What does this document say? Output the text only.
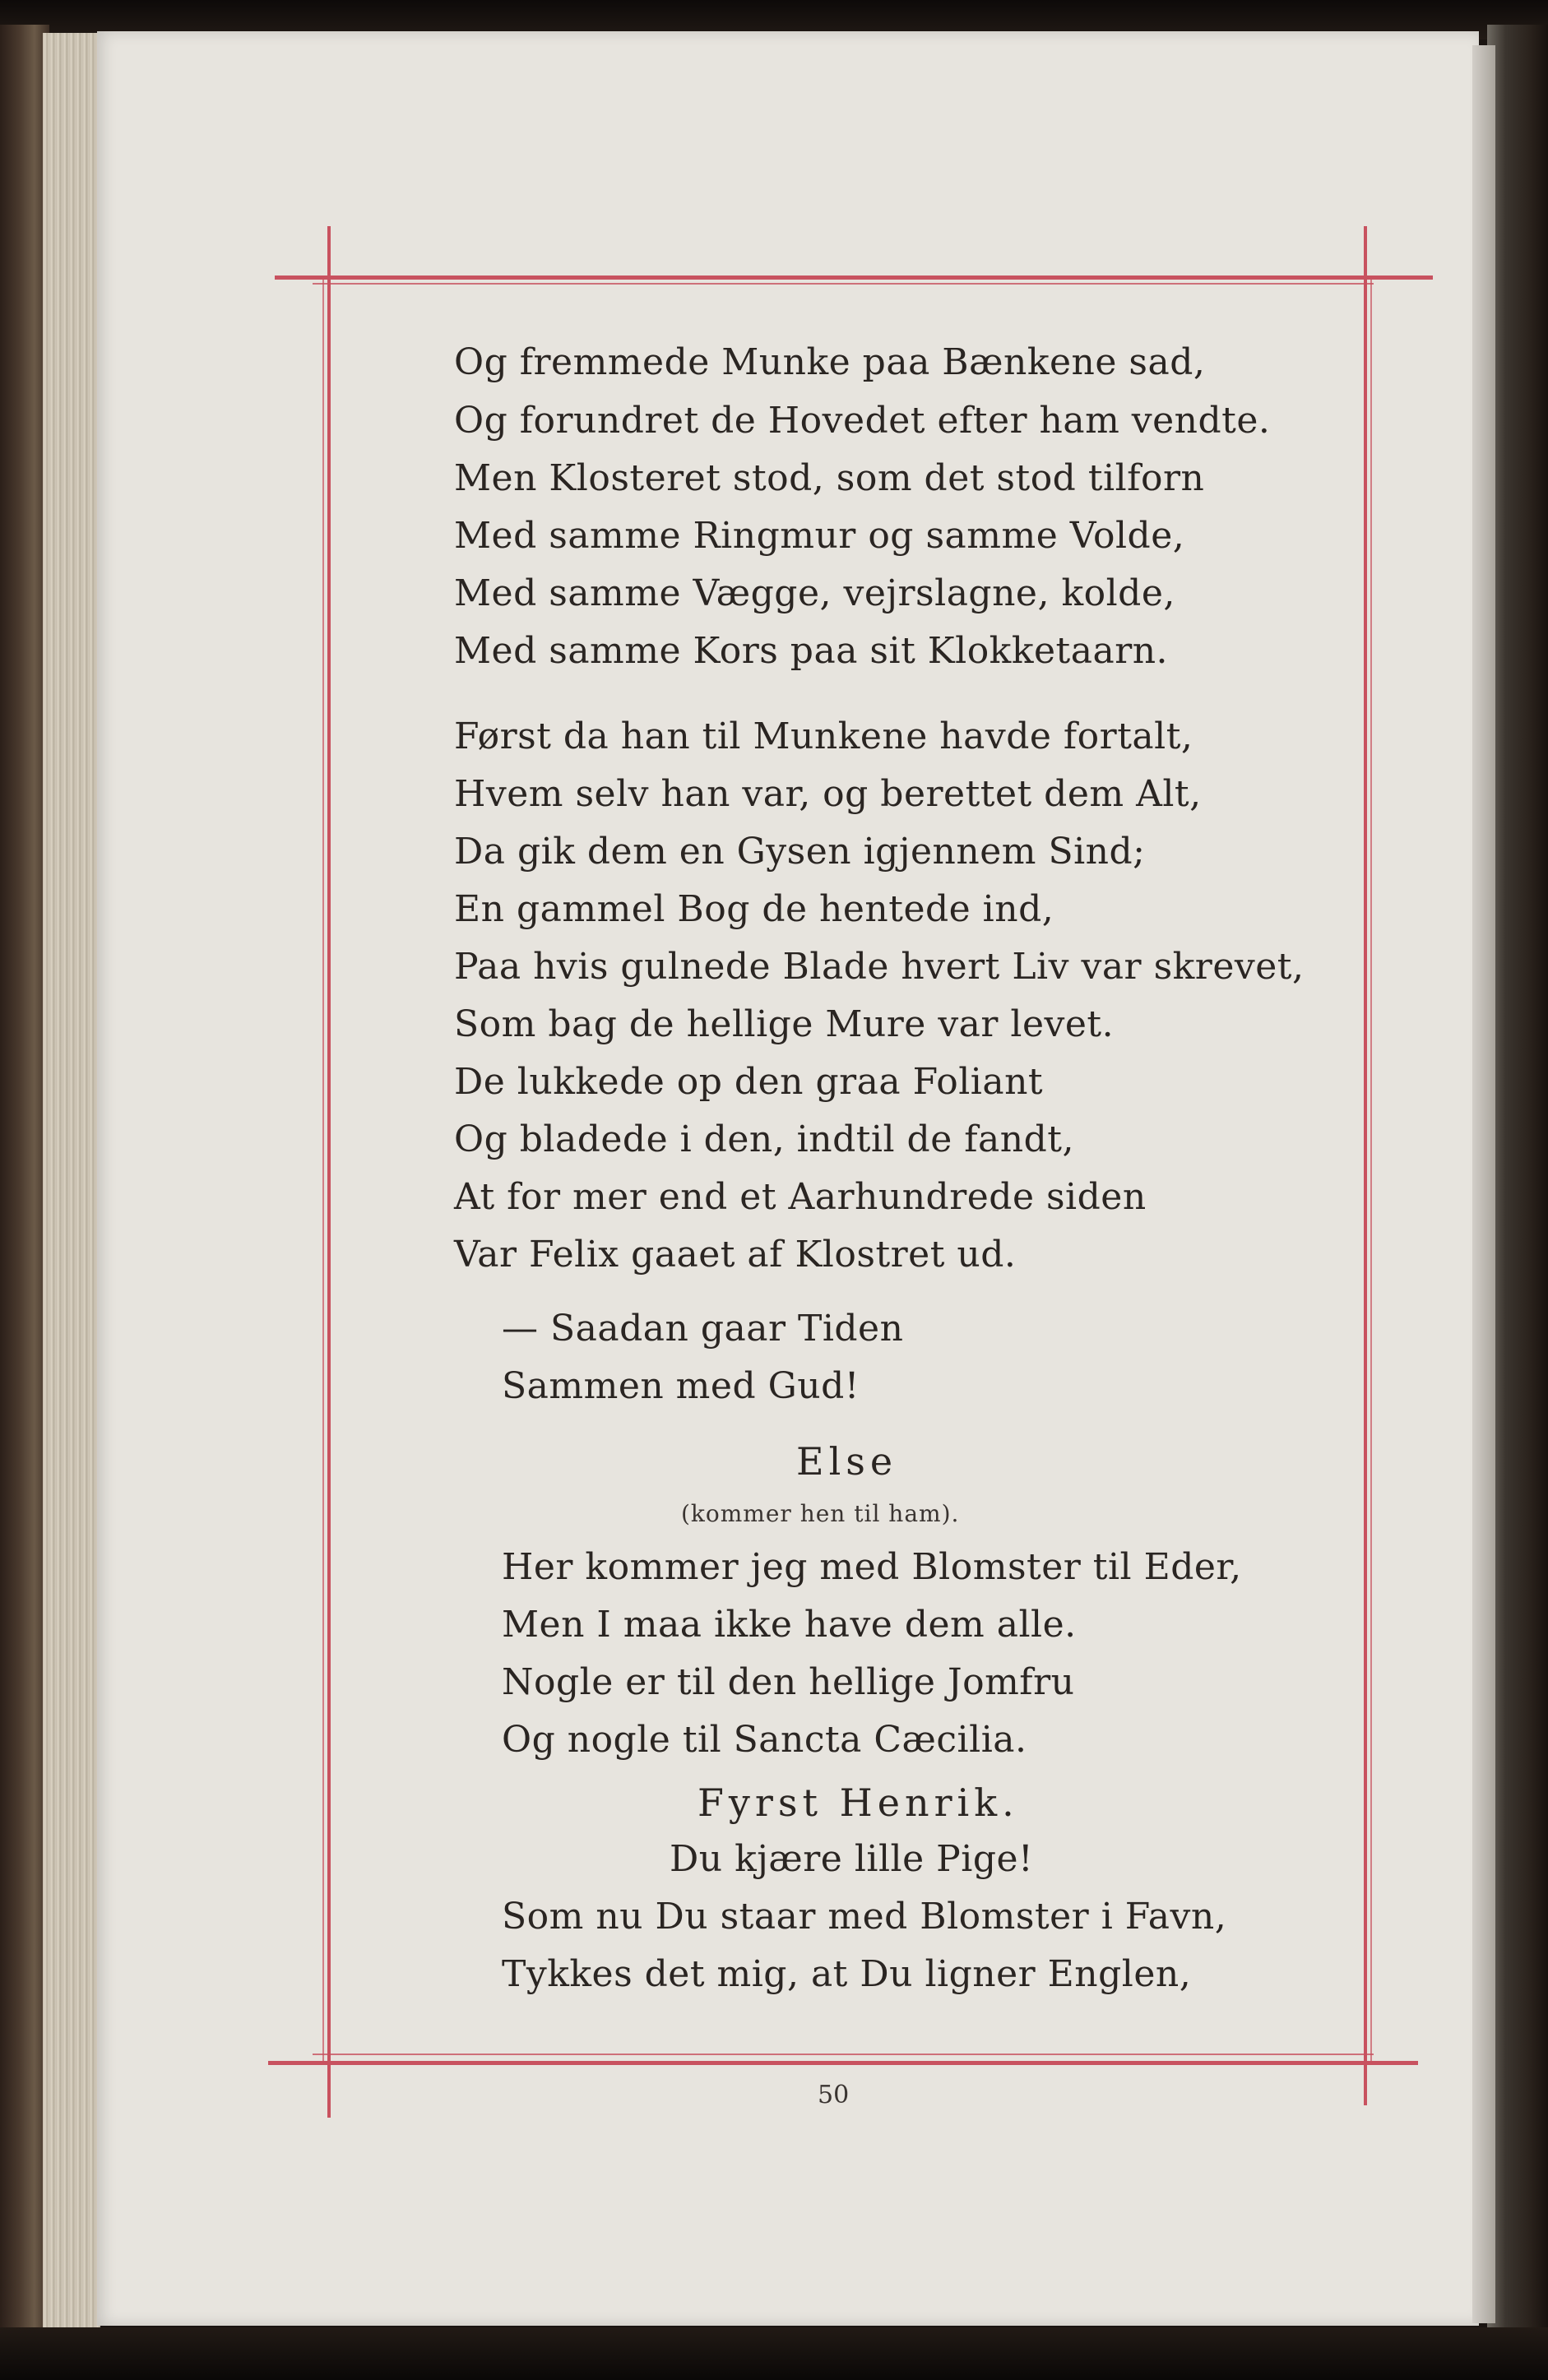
Og fremmede Munke paa Bænkene sad,
Og forundret de Hovedet efter ham vendte.
Men Klosteret stod, som det stod tilforn
Med samme Ringmur og samme Volde,
Med samme Vægge, vejrslagne, kolde,
Med samme Kors paa sit Klokketaarn.
Først da han til Munkene havde fortalt,
Hvem selv han var, og berettet dem Alt,
Da gik dem en Gysen igjennem Sind;
En gammel Bog de hentede ind,
Paa hvis gulnede Blade hvert Liv var skrevet,
Som bag de hellige Mure var levet.
De lukkede op den graa Foliant
Og bladede i den, indtil de fandt,
At for mer end et Aarhundrede siden
Var Felix gaaet af Klostret ud.
— Saadan gaar Tiden
Sammen med Gud!
Else
(kommer hen til ham).
Her kommer jeg med Blomster til Eder,
Men I maa ikke have dem alle.
Nogle er til den hellige Jomfru
Og nogle til Sancta Cæcilia.
Fyrst Henrik.
Du kjære lille Pige!
Som nu Du staar med Blomster i Favn,
Tykkes det mig, at Du ligner Englen,
50
